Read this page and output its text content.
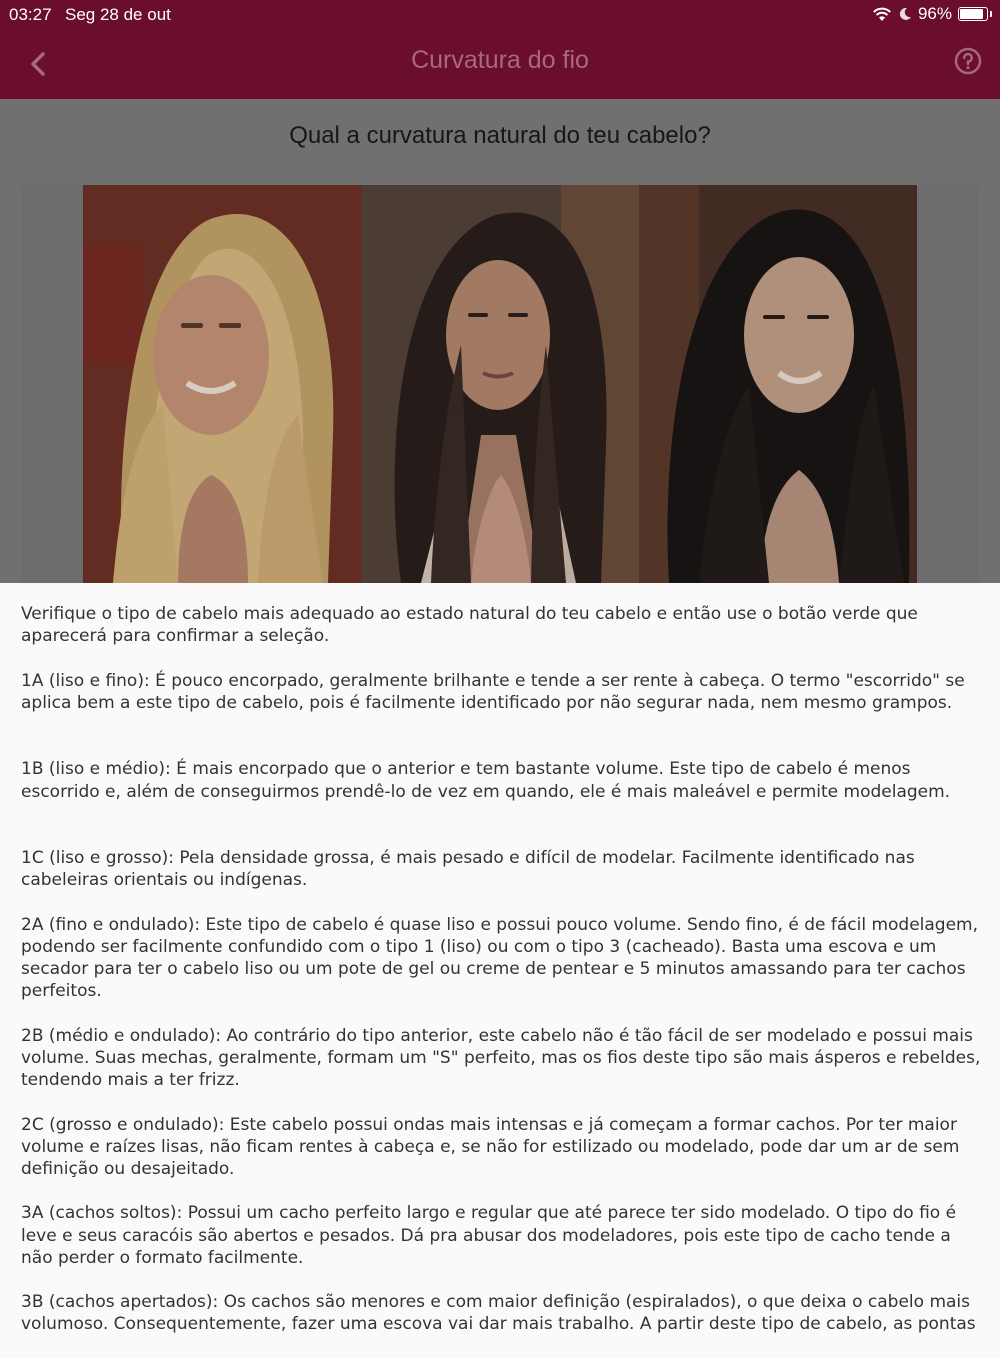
03:27 Seg 28 de out	96%
Curvatura do fio
Qual a curvatura natural do teu cabelo?

Verifique o tipo de cabelo mais adequado ao estado natural do teu cabelo e então use o botão verde que aparecerá para confirmar a seleção.

1A (liso e fino): É pouco encorpado, geralmente brilhante e tende a ser rente à cabeça. O termo "escorrido" se aplica bem a este tipo de cabelo, pois é facilmente identificado por não segurar nada, nem mesmo grampos.

1B (liso e médio): É mais encorpado que o anterior e tem bastante volume. Este tipo de cabelo é menos escorrido e, além de conseguirmos prendê-lo de vez em quando, ele é mais maleável e permite modelagem.

1C (liso e grosso): Pela densidade grossa, é mais pesado e difícil de modelar. Facilmente identificado nas cabeleiras orientais ou indígenas.

2A (fino e ondulado): Este tipo de cabelo é quase liso e possui pouco volume. Sendo fino, é de fácil modelagem, podendo ser facilmente confundido com o tipo 1 (liso) ou com o tipo 3 (cacheado). Basta uma escova e um secador para ter o cabelo liso ou um pote de gel ou creme de pentear e 5 minutos amassando para ter cachos perfeitos.

2B (médio e ondulado): Ao contrário do tipo anterior, este cabelo não é tão fácil de ser modelado e possui mais volume. Suas mechas, geralmente, formam um "S" perfeito, mas os fios deste tipo são mais ásperos e rebeldes, tendendo mais a ter frizz.

2C (grosso e ondulado): Este cabelo possui ondas mais intensas e já começam a formar cachos. Por ter maior volume e raízes lisas, não ficam rentes à cabeça e, se não for estilizado ou modelado, pode dar um ar de sem definição ou desajeitado.

3A (cachos soltos): Possui um cacho perfeito largo e regular que até parece ter sido modelado. O tipo do fio é leve e seus caracóis são abertos e pesados. Dá pra abusar dos modeladores, pois este tipo de cacho tende a não perder o formato facilmente.

3B (cachos apertados): Os cachos são menores e com maior definição (espiralados), o que deixa o cabelo mais volumoso. Consequentemente, fazer uma escova vai dar mais trabalho. A partir deste tipo de cabelo, as pontas
